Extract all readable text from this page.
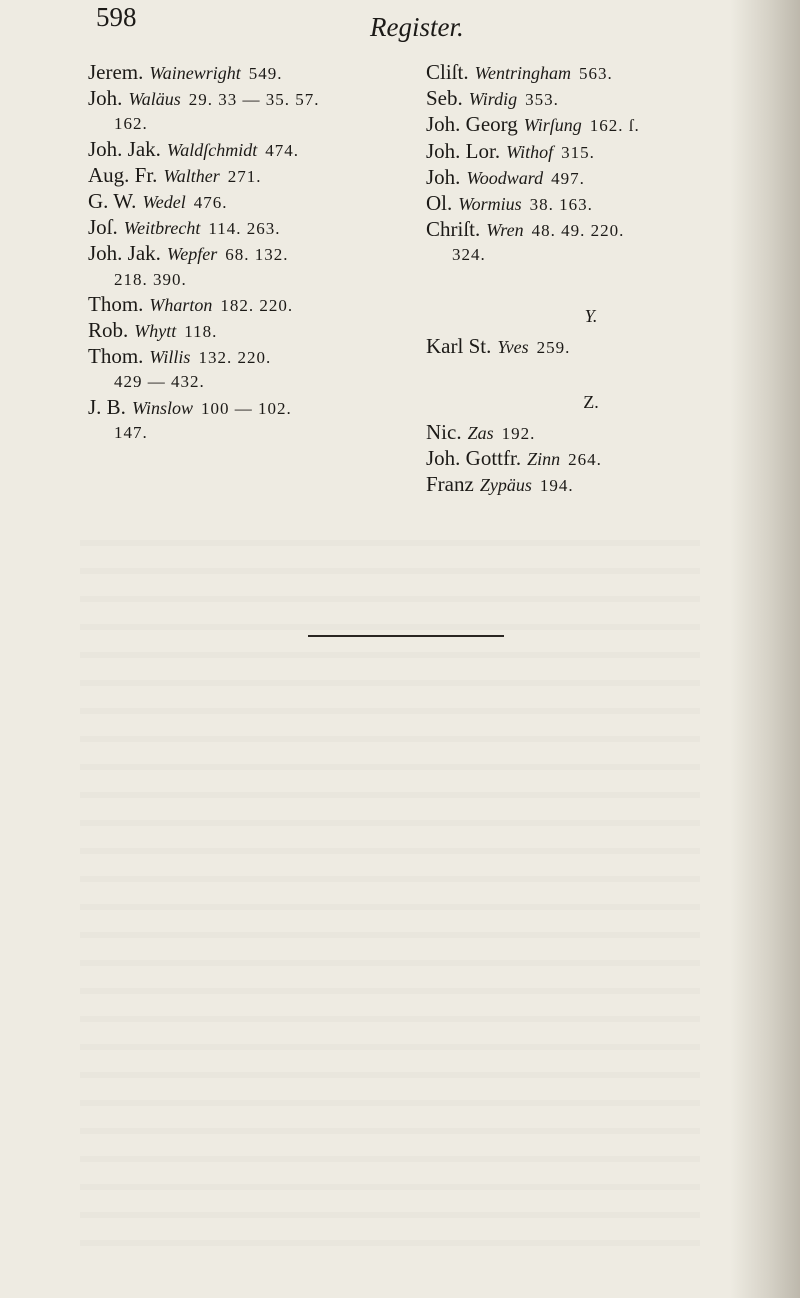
598	Register.
Jerem. Wainewright 549.
Joh. Waläus 29. 33 — 35. 57.
162.
Joh. Jak. Waldſchmidt 474.
Aug. Fr. Walther 271.
G. W. Wedel 476.
Joſ. Weitbrecht 114. 263.
Joh. Jak. Wepfer 68. 132.
218. 390.
Thom. Wharton 182. 220.
Rob. Whytt 118.
Thom. Willis 132. 220.
429 — 432.
J. B. Winslow 100 — 102.
147.
Cliſt. Wentringham 563.
Seb. Wirdig 353.
Joh. Georg Wirſung 162. ſ.
Joh. Lor. Withof 315.
Joh. Woodward 497.
Ol. Wormius 38. 163.
Chriſt. Wren 48. 49. 220.
324.
Y.
Karl St. Yves 259.
Z.
Nic. Zas 192.
Joh. Gottfr. Zinn 264.
Franz Zypäus 194.
